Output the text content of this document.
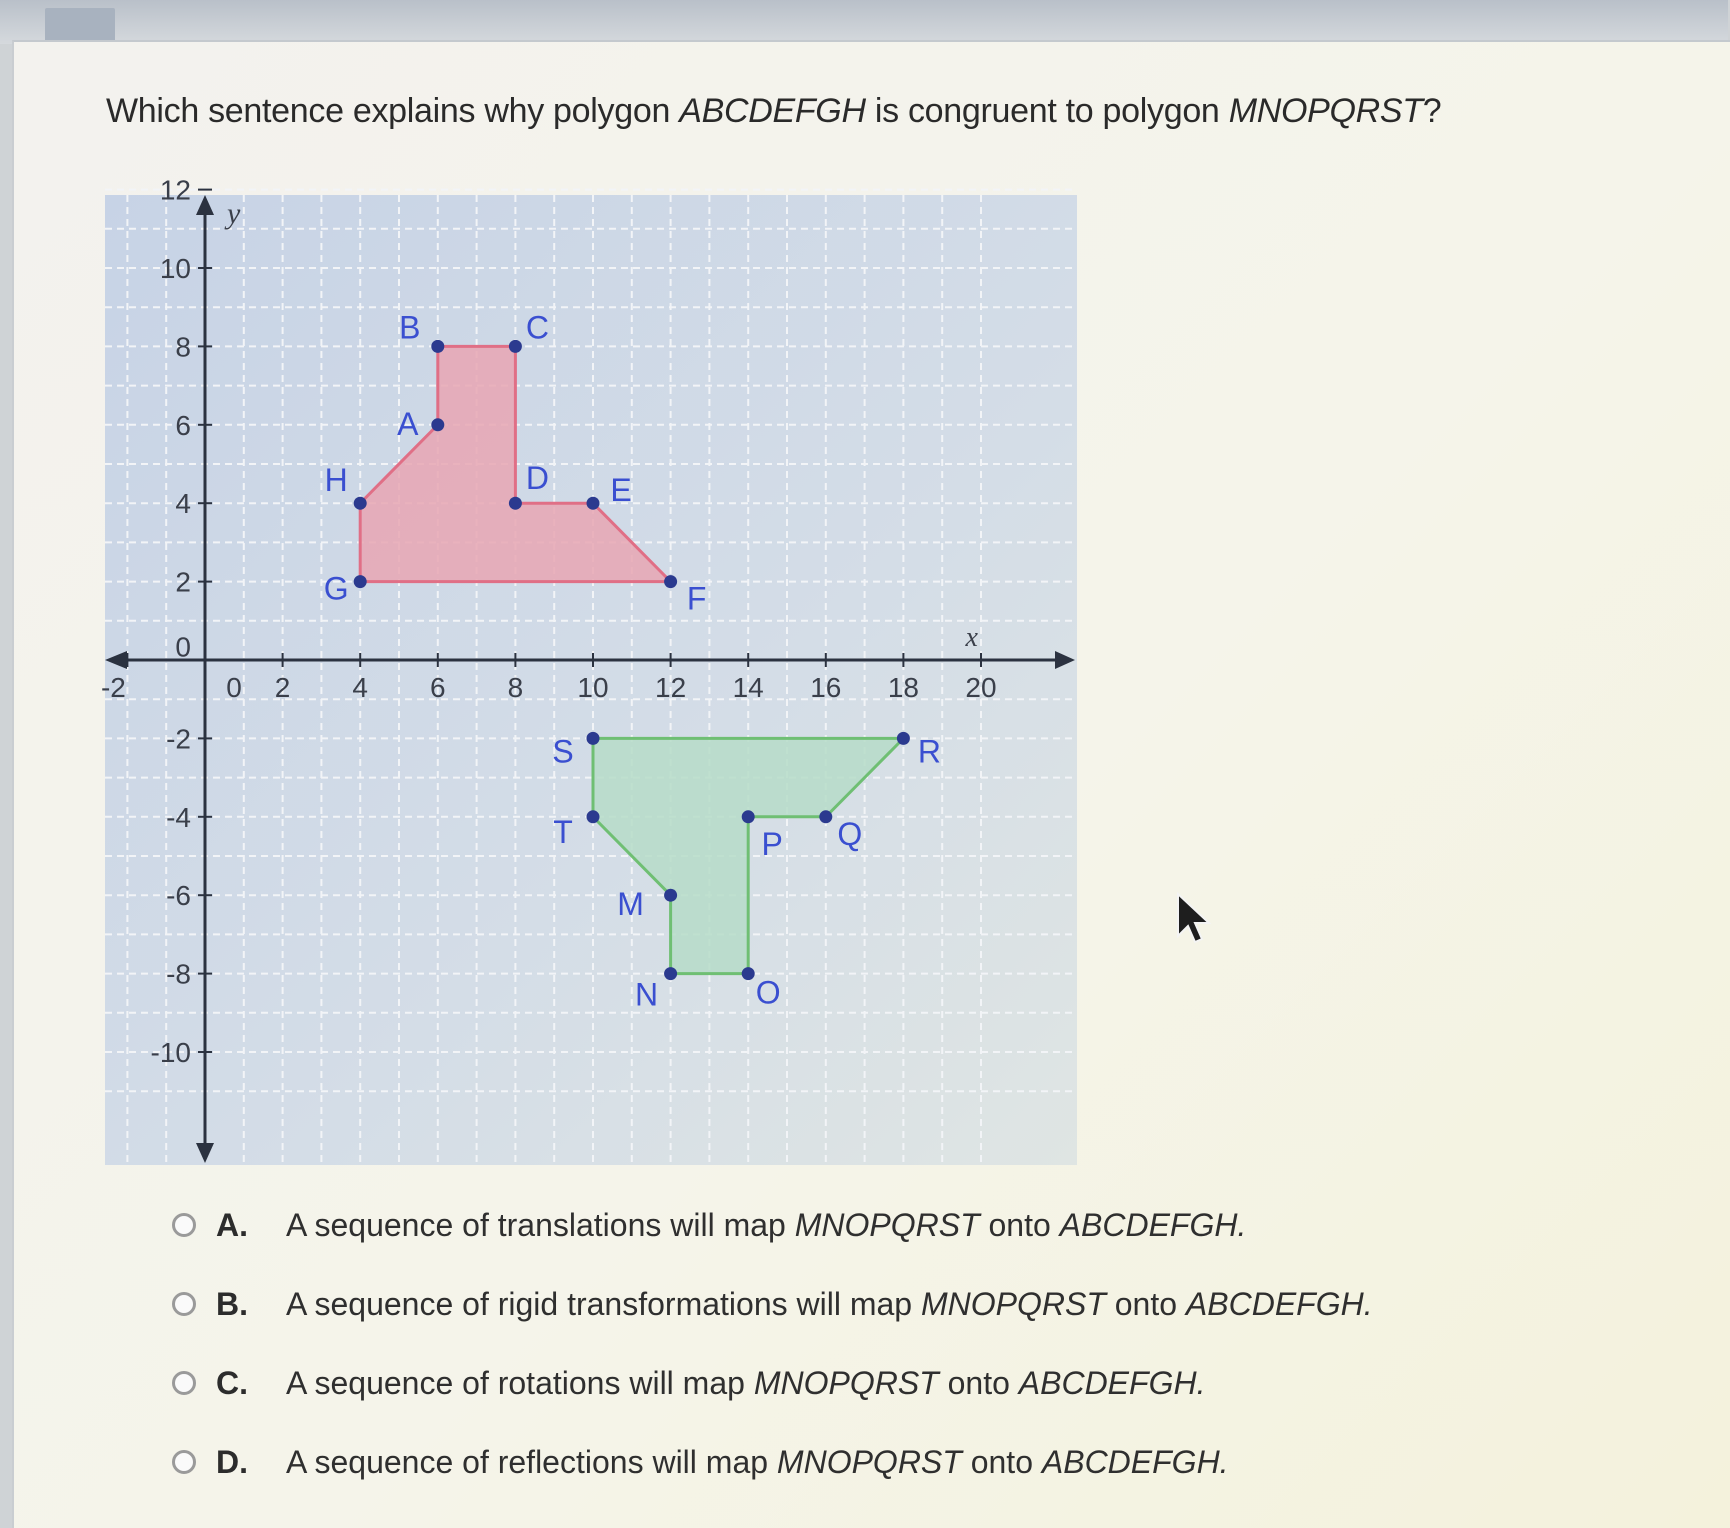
Which sentence explains why polygon ABCDEFGH is congruent to polygon MNOPQRST?
-2	0 2 4 6 8 10 12 14 16 18 20
12
10
8
6
4
2
0
-2
-4
-6
-8
-10
x
y
A
B	C
D E
F
G
H
M
N	O
P Q
R
S
T
A.	A sequence of translations will map MNOPQRST onto ABCDEFGH.
B.	A sequence of rigid transformations will map MNOPQRST onto ABCDEFGH.
C.	A sequence of rotations will map MNOPQRST onto ABCDEFGH.
D.	A sequence of reflections will map MNOPQRST onto ABCDEFGH.
